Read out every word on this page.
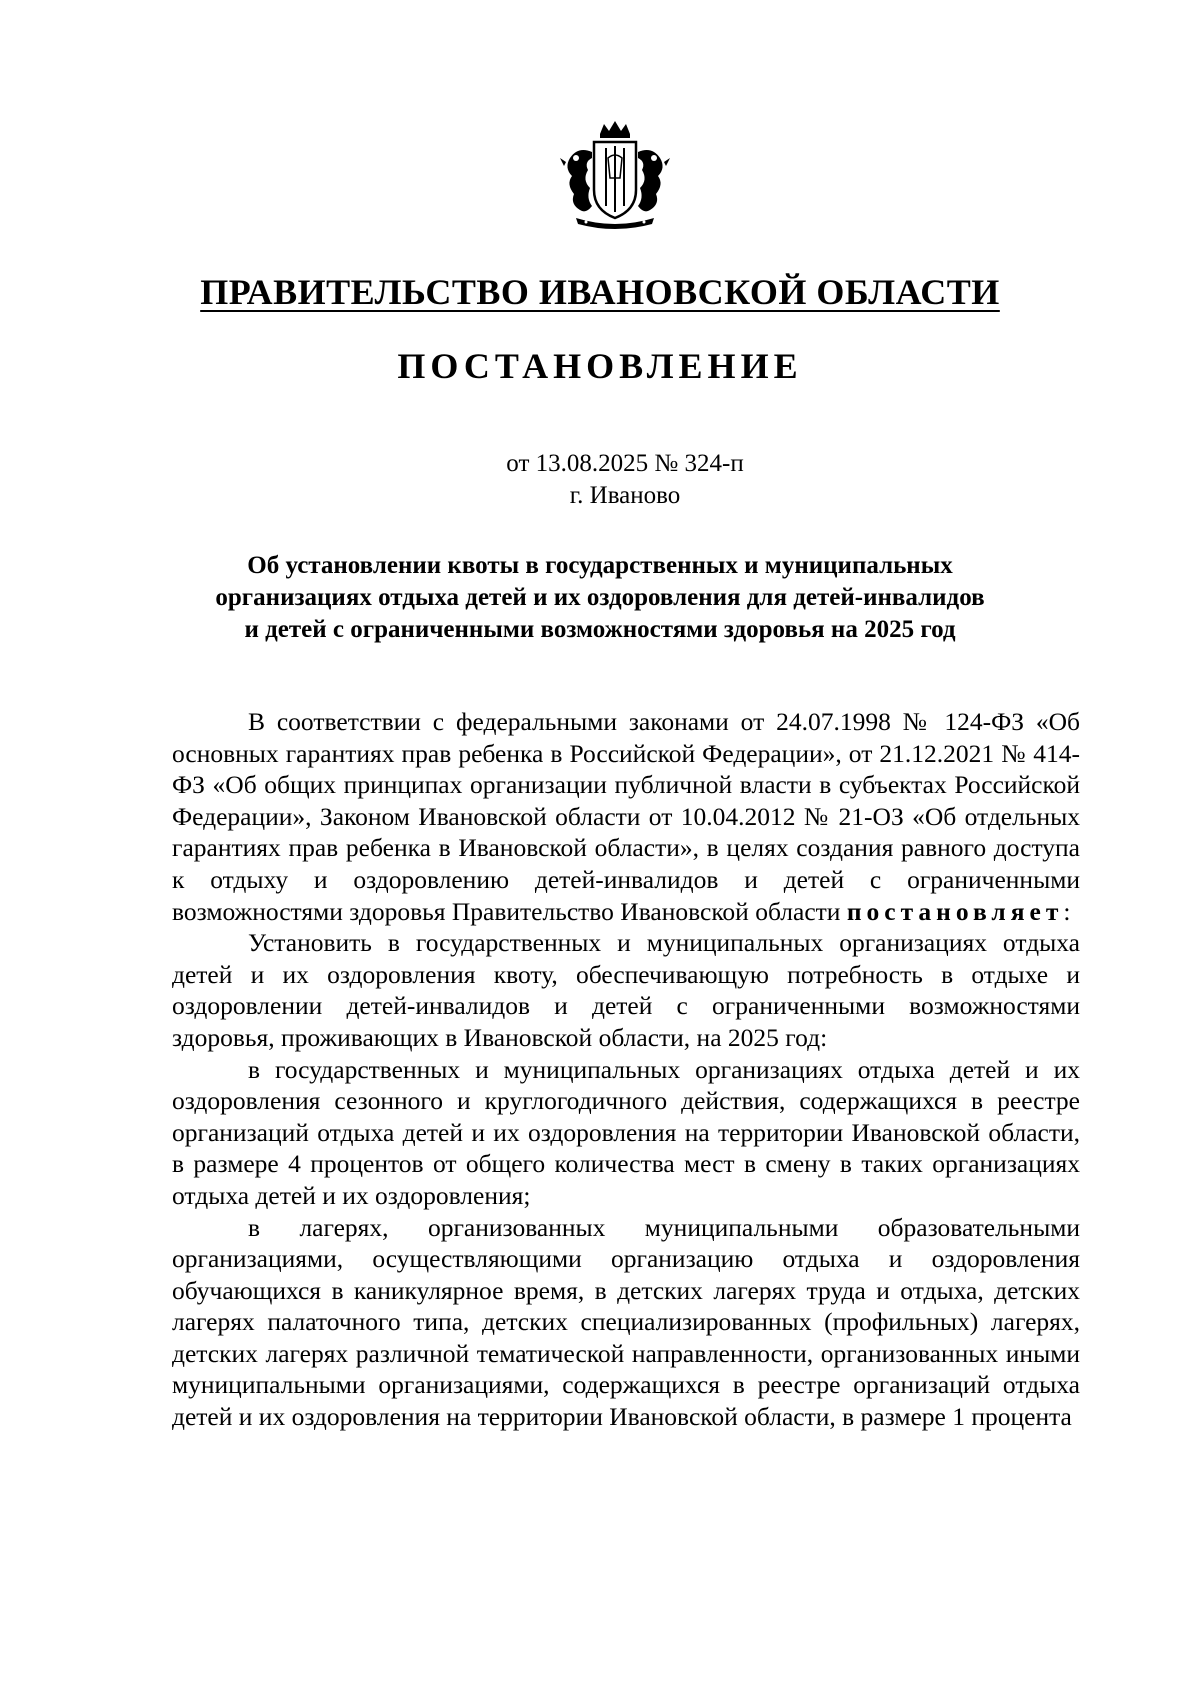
ПРАВИТЕЛЬСТВО ИВАНОВСКОЙ ОБЛАСТИ
ПОСТАНОВЛЕНИЕ
от 13.08.2025 № 324-п
г. Иваново
Об установлении квоты в государственных и муниципальных
организациях отдыха детей и их оздоровления для детей-инвалидов
и детей с ограниченными возможностями здоровья на 2025 год

В соответствии с федеральными законами от 24.07.1998 № 124-ФЗ «Об основных гарантиях прав ребенка в Российской Федерации», от 21.12.2021 № 414-ФЗ «Об общих принципах организации публичной власти в субъектах Российской Федерации», Законом Ивановской области от 10.04.2012 № 21-ОЗ «Об отдельных гарантиях прав ребенка в Ивановской области», в целях создания равного доступа к отдыху и оздоровлению детей-инвалидов и детей с ограниченными возможностями здоровья Правительство Ивановской области постановляет:

Установить в государственных и муниципальных организациях отдыха детей и их оздоровления квоту, обеспечивающую потребность в отдыхе и оздоровлении детей-инвалидов и детей с ограниченными возможностями здоровья, проживающих в Ивановской области, на 2025 год:

в государственных и муниципальных организациях отдыха детей и их оздоровления сезонного и круглогодичного действия, содержащихся в реестре организаций отдыха детей и их оздоровления на территории Ивановской области, в размере 4 процентов от общего количества мест в смену в таких организациях отдыха детей и их оздоровления;

в лагерях, организованных муниципальными образовательными организациями, осуществляющими организацию отдыха и оздоровления обучающихся в каникулярное время, в детских лагерях труда и отдыха, детских лагерях палаточного типа, детских специализированных (профильных) лагерях, детских лагерях различной тематической направленности, организованных иными муниципальными организациями, содержащихся в реестре организаций отдыха детей и их оздоровления на территории Ивановской области, в размере 1 процента
